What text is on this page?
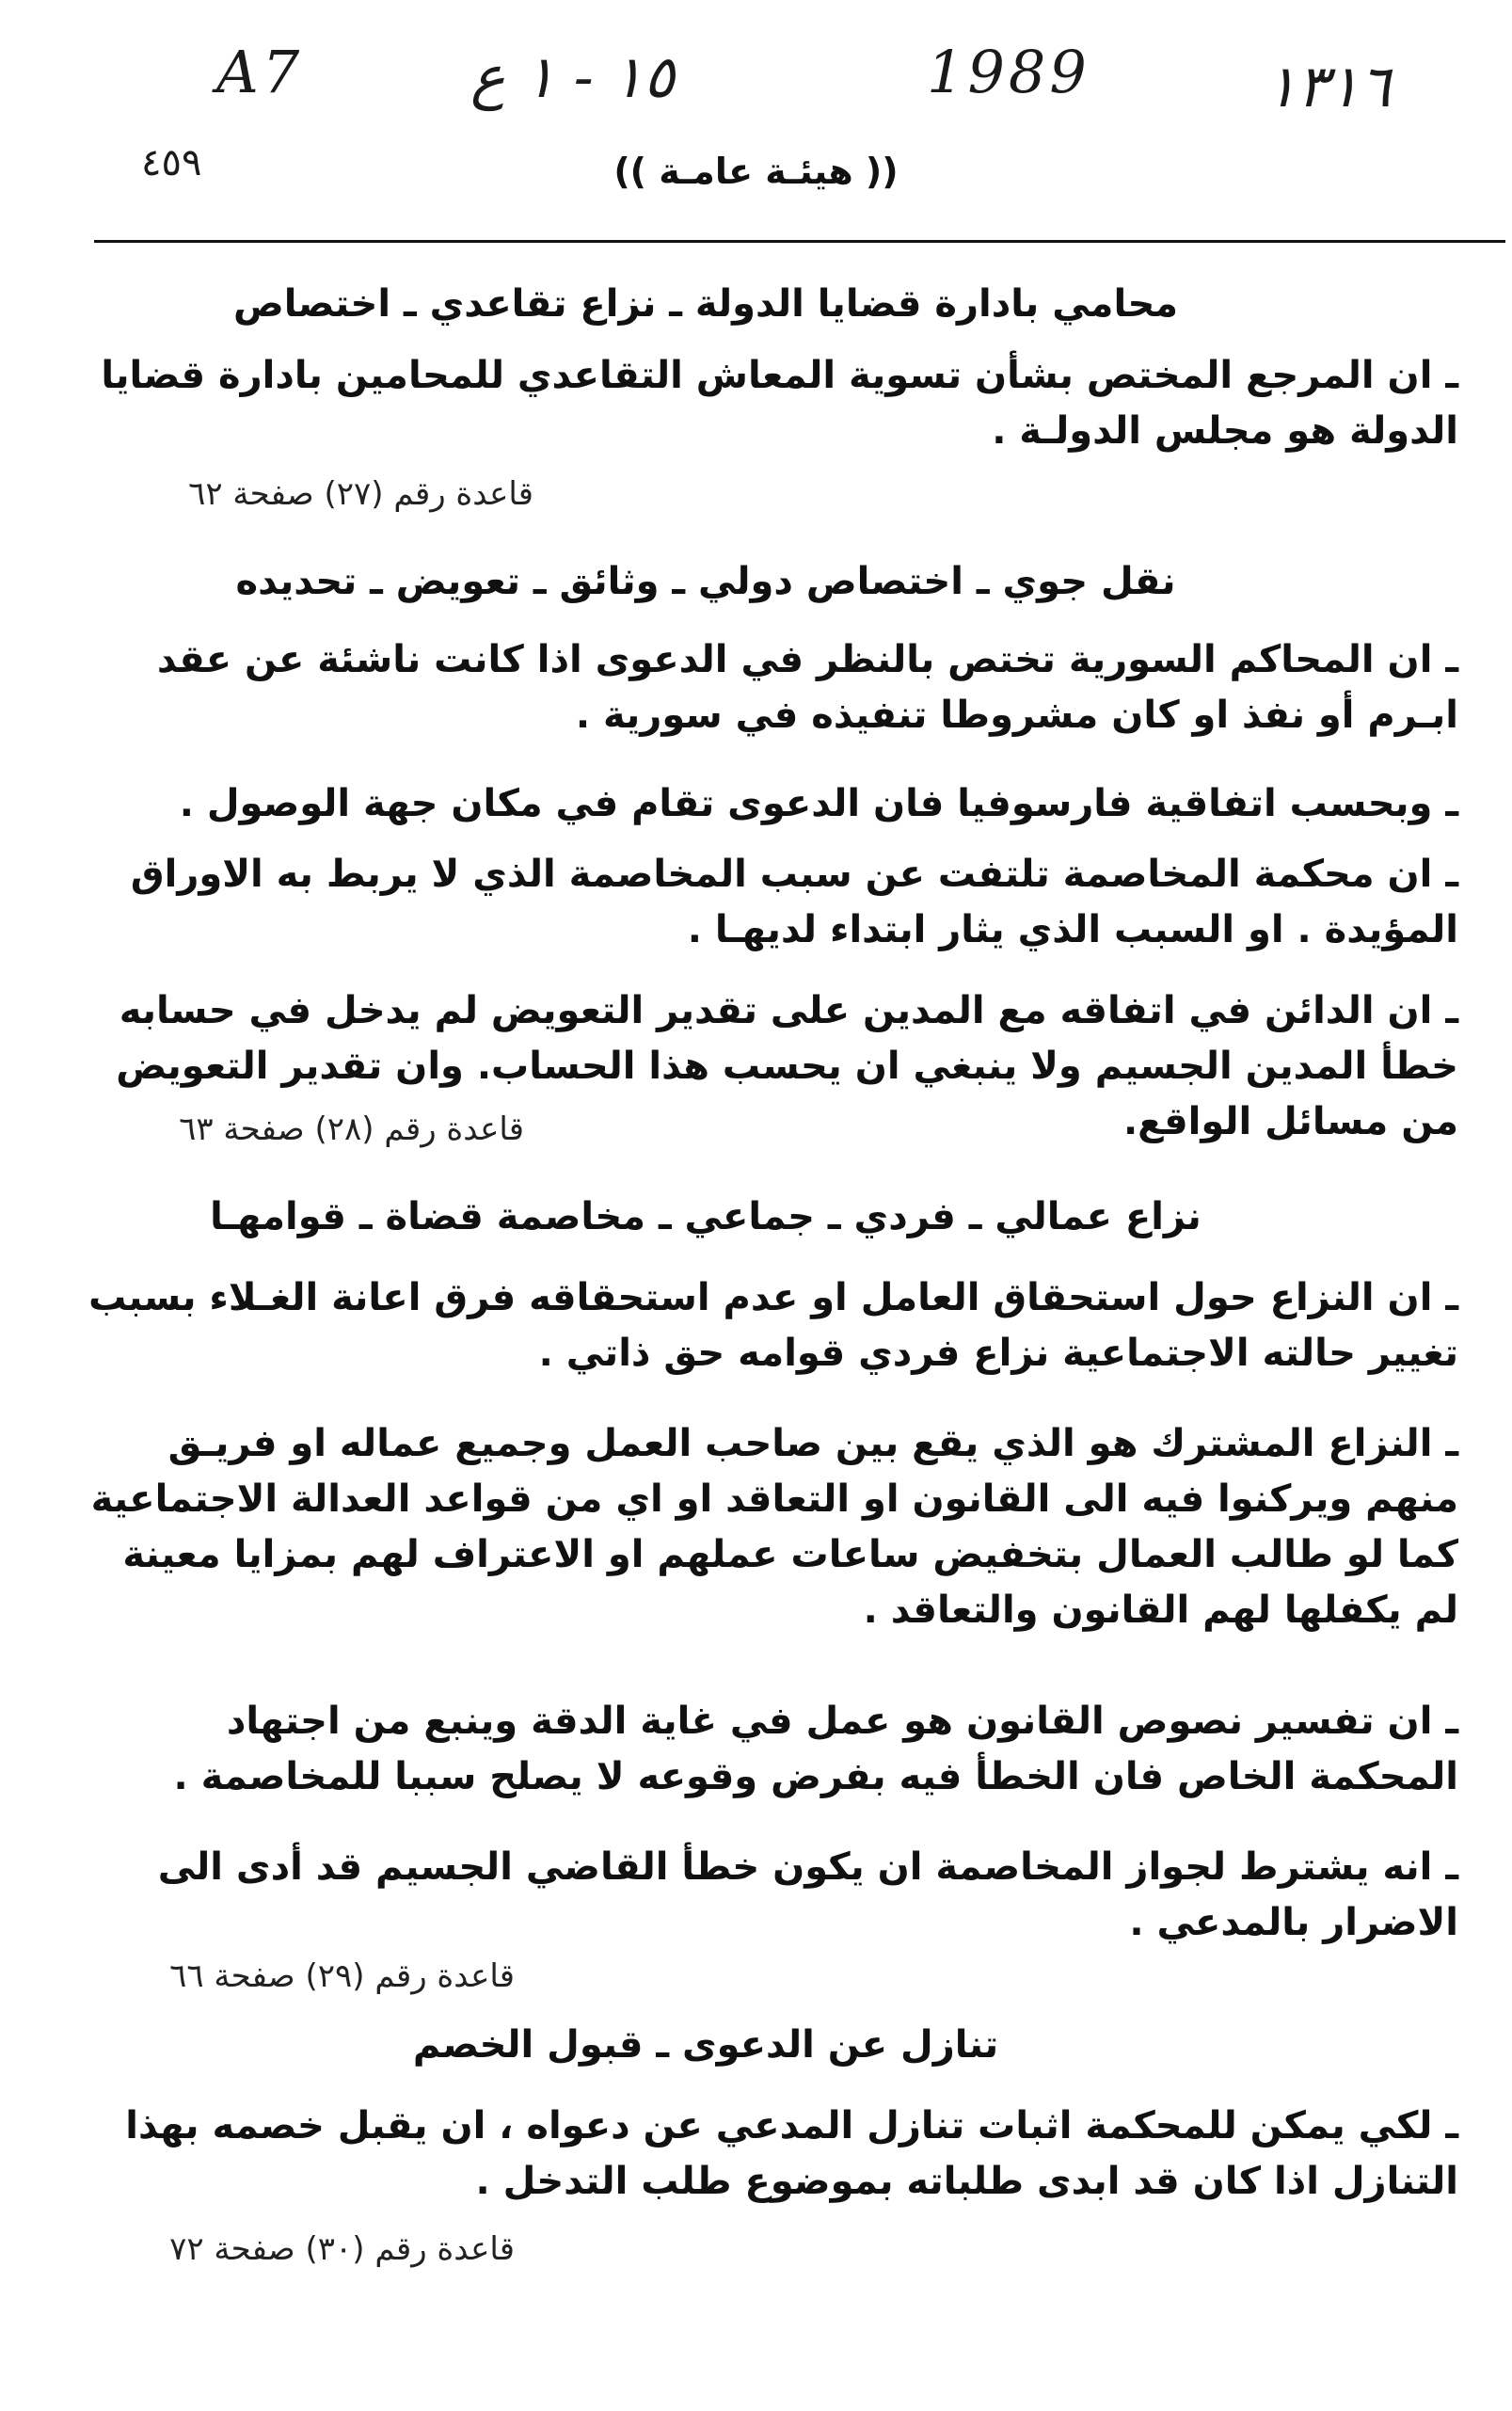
A7	١٥ - ١ ع	1989	١٣١٦
٤٥٩	(( هيئـة عامـة ))
محامي بادارة قضايا الدولة ـ نزاع تقاعدي ـ اختصاص
ـ ان المرجع المختص بشأن تسوية المعاش التقاعدي للمحامين بادارة قضايا الدولة هو مجلس الدولـة .
قاعدة رقم (٢٧) صفحة ٦٢
نقل جوي ـ اختصاص دولي ـ وثائق ـ تعويض ـ تحديده
ـ ان المحاكم السورية تختص بالنظر في الدعوى اذا كانت ناشئة عن عقد ابـرم أو نفذ او كان مشروطا تنفيذه في سورية .
ـ وبحسب اتفاقية فارسوفيا فان الدعوى تقام في مكان جهة الوصول .
ـ ان محكمة المخاصمة تلتفت عن سبب المخاصمة الذي لا يربط به الاوراق المؤيدة . او السبب الذي يثار ابتداء لديهـا .
ـ ان الدائن في اتفاقه مع المدين على تقدير التعويض لم يدخل في حسابه خطأ المدين الجسيم ولا ينبغي ان يحسب هذا الحساب. وان تقدير التعويض من مسائل الواقع.
قاعدة رقم (٢٨) صفحة ٦٣
نزاع عمالي ـ فردي ـ جماعي ـ مخاصمة قضاة ـ قوامهـا
ـ ان النزاع حول استحقاق العامل او عدم استحقاقه فرق اعانة الغـلاء بسبب تغيير حالته الاجتماعية نزاع فردي قوامه حق ذاتي .
ـ النزاع المشترك هو الذي يقع بين صاحب العمل وجميع عماله او فريـق منهم ويركنوا فيه الى القانون او التعاقد او اي من قواعد العدالة الاجتماعية كما لو طالب العمال بتخفيض ساعات عملهم او الاعتراف لهم بمزايا معينة لم يكفلها لهم القانون والتعاقد .
ـ ان تفسير نصوص القانون هو عمل في غاية الدقة وينبع من اجتهاد المحكمة الخاص فان الخطأ فيه بفرض وقوعه لا يصلح سببا للمخاصمة .
ـ انه يشترط لجواز المخاصمة ان يكون خطأ القاضي الجسيم قد أدى الى الاضرار بالمدعي .
قاعدة رقم (٢٩) صفحة ٦٦
تنازل عن الدعوى ـ قبول الخصم
ـ لكي يمكن للمحكمة اثبات تنازل المدعي عن دعواه ، ان يقبل خصمه بهذا التنازل اذا كان قد ابدى طلباته بموضوع طلب التدخل .
قاعدة رقم (٣٠) صفحة ٧٢
